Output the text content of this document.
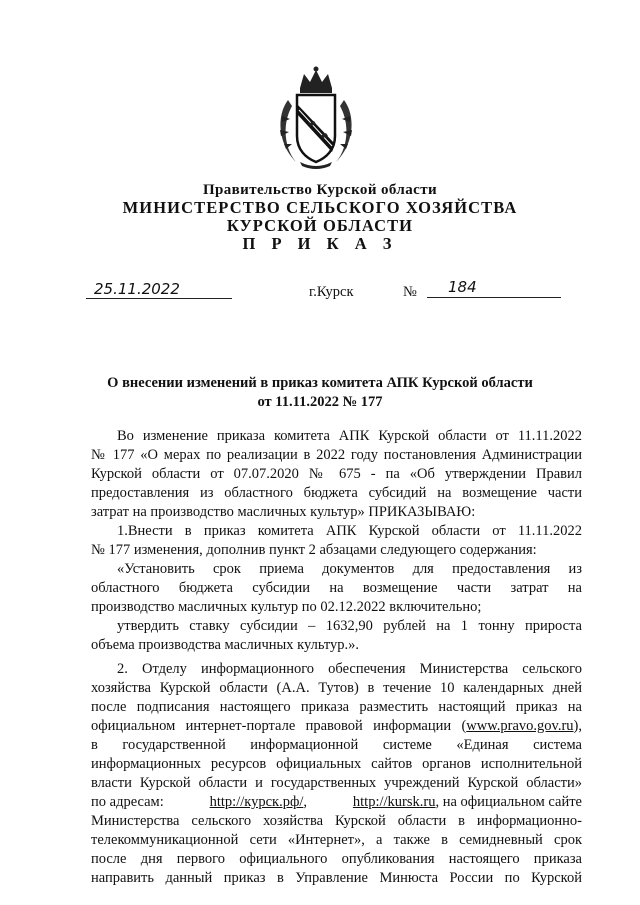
Правительство Курской области
МИНИСТЕРСТВО СЕЛЬСКОГО ХОЗЯЙСТВА
КУРСКОЙ ОБЛАСТИ
П Р И К А З
25.11.2022	г.Курск	№ 184
О внесении изменений в приказ комитета АПК Курской области
от 11.11.2022 № 177
Во изменение приказа комитета АПК Курской области от 11.11.2022
№ 177 «О мерах по реализации в 2022 году постановления Администрации
Курской области от 07.07.2020 № 675 - па «Об утверждении Правил
предоставления из областного бюджета субсидий на возмещение части
затрат на производство масличных культур» ПРИКАЗЫВАЮ:
1.Внести в приказ комитета АПК Курской области от 11.11.2022
№ 177 изменения, дополнив пункт 2 абзацами следующего содержания:
«Установить срок приема документов для предоставления из
областного бюджета субсидии на возмещение части затрат на
производство масличных культур по 02.12.2022 включительно;
утвердить ставку субсидии – 1632,90 рублей на 1 тонну прироста
объема производства масличных культур.».
2. Отделу информационного обеспечения Министерства сельского
хозяйства Курской области (А.А. Тутов) в течение 10 календарных дней
после подписания настоящего приказа разместить настоящий приказ на
официальном интернет-портале правовой информации (www.pravo.gov.ru),
в государственной информационной системе «Единая система
информационных ресурсов официальных сайтов органов исполнительной
власти Курской области и государственных учреждений Курской области»
по адресам:	http://курск.рф/,	http://kursk.ru, на официальном сайте
Министерства сельского хозяйства Курской области в информационно-
телекоммуникационной сети «Интернет», а также в семидневный срок
после дня первого официального опубликования настоящего приказа
направить данный приказ в Управление Минюста России по Курской
